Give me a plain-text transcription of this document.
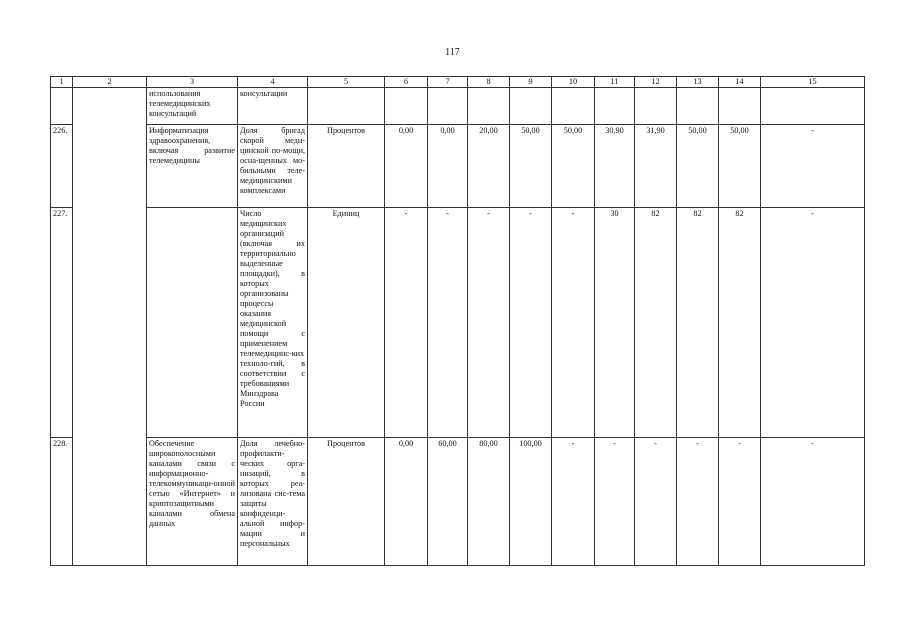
117
1	2	3	4	5	6	7	8	9	10	11	12	13	14	15
		использования телемедицинских консультаций	консультации											
226.		Информатизация здравоохранения, включая развитие телемедицины	Доля бригад скорой меди-цинской по-мощи, осна-щенных мо-бильными теле-медицинскими комплексами	Процентов	0,00	0,00	20,00	50,00	50,00	30,90	31,90	50,00	50,00	-
227.			Число медицинских организаций (включая их территориально выделенные площадки), в которых организованы процессы оказания медицинской помощи с применением телемедицинс-ких техноло-гий, в соответствии с требованиями Минздрава России	Единиц	-	-	-	-	-	30	82	82	82	-
228.		Обеспечение широкополосными каналами связи с информационно-телекоммуникаци-онной сетью «Интернет» и криптозащитными каналами обмена данных	Доля лечебно-профилакти-ческих орга-низаций, в которых реа-лизована сис-тема защиты конфиденци-альной инфор-мации и персональных	Процентов	0,00	60,00	80,00	100,00	-	-	-	-	-	-
